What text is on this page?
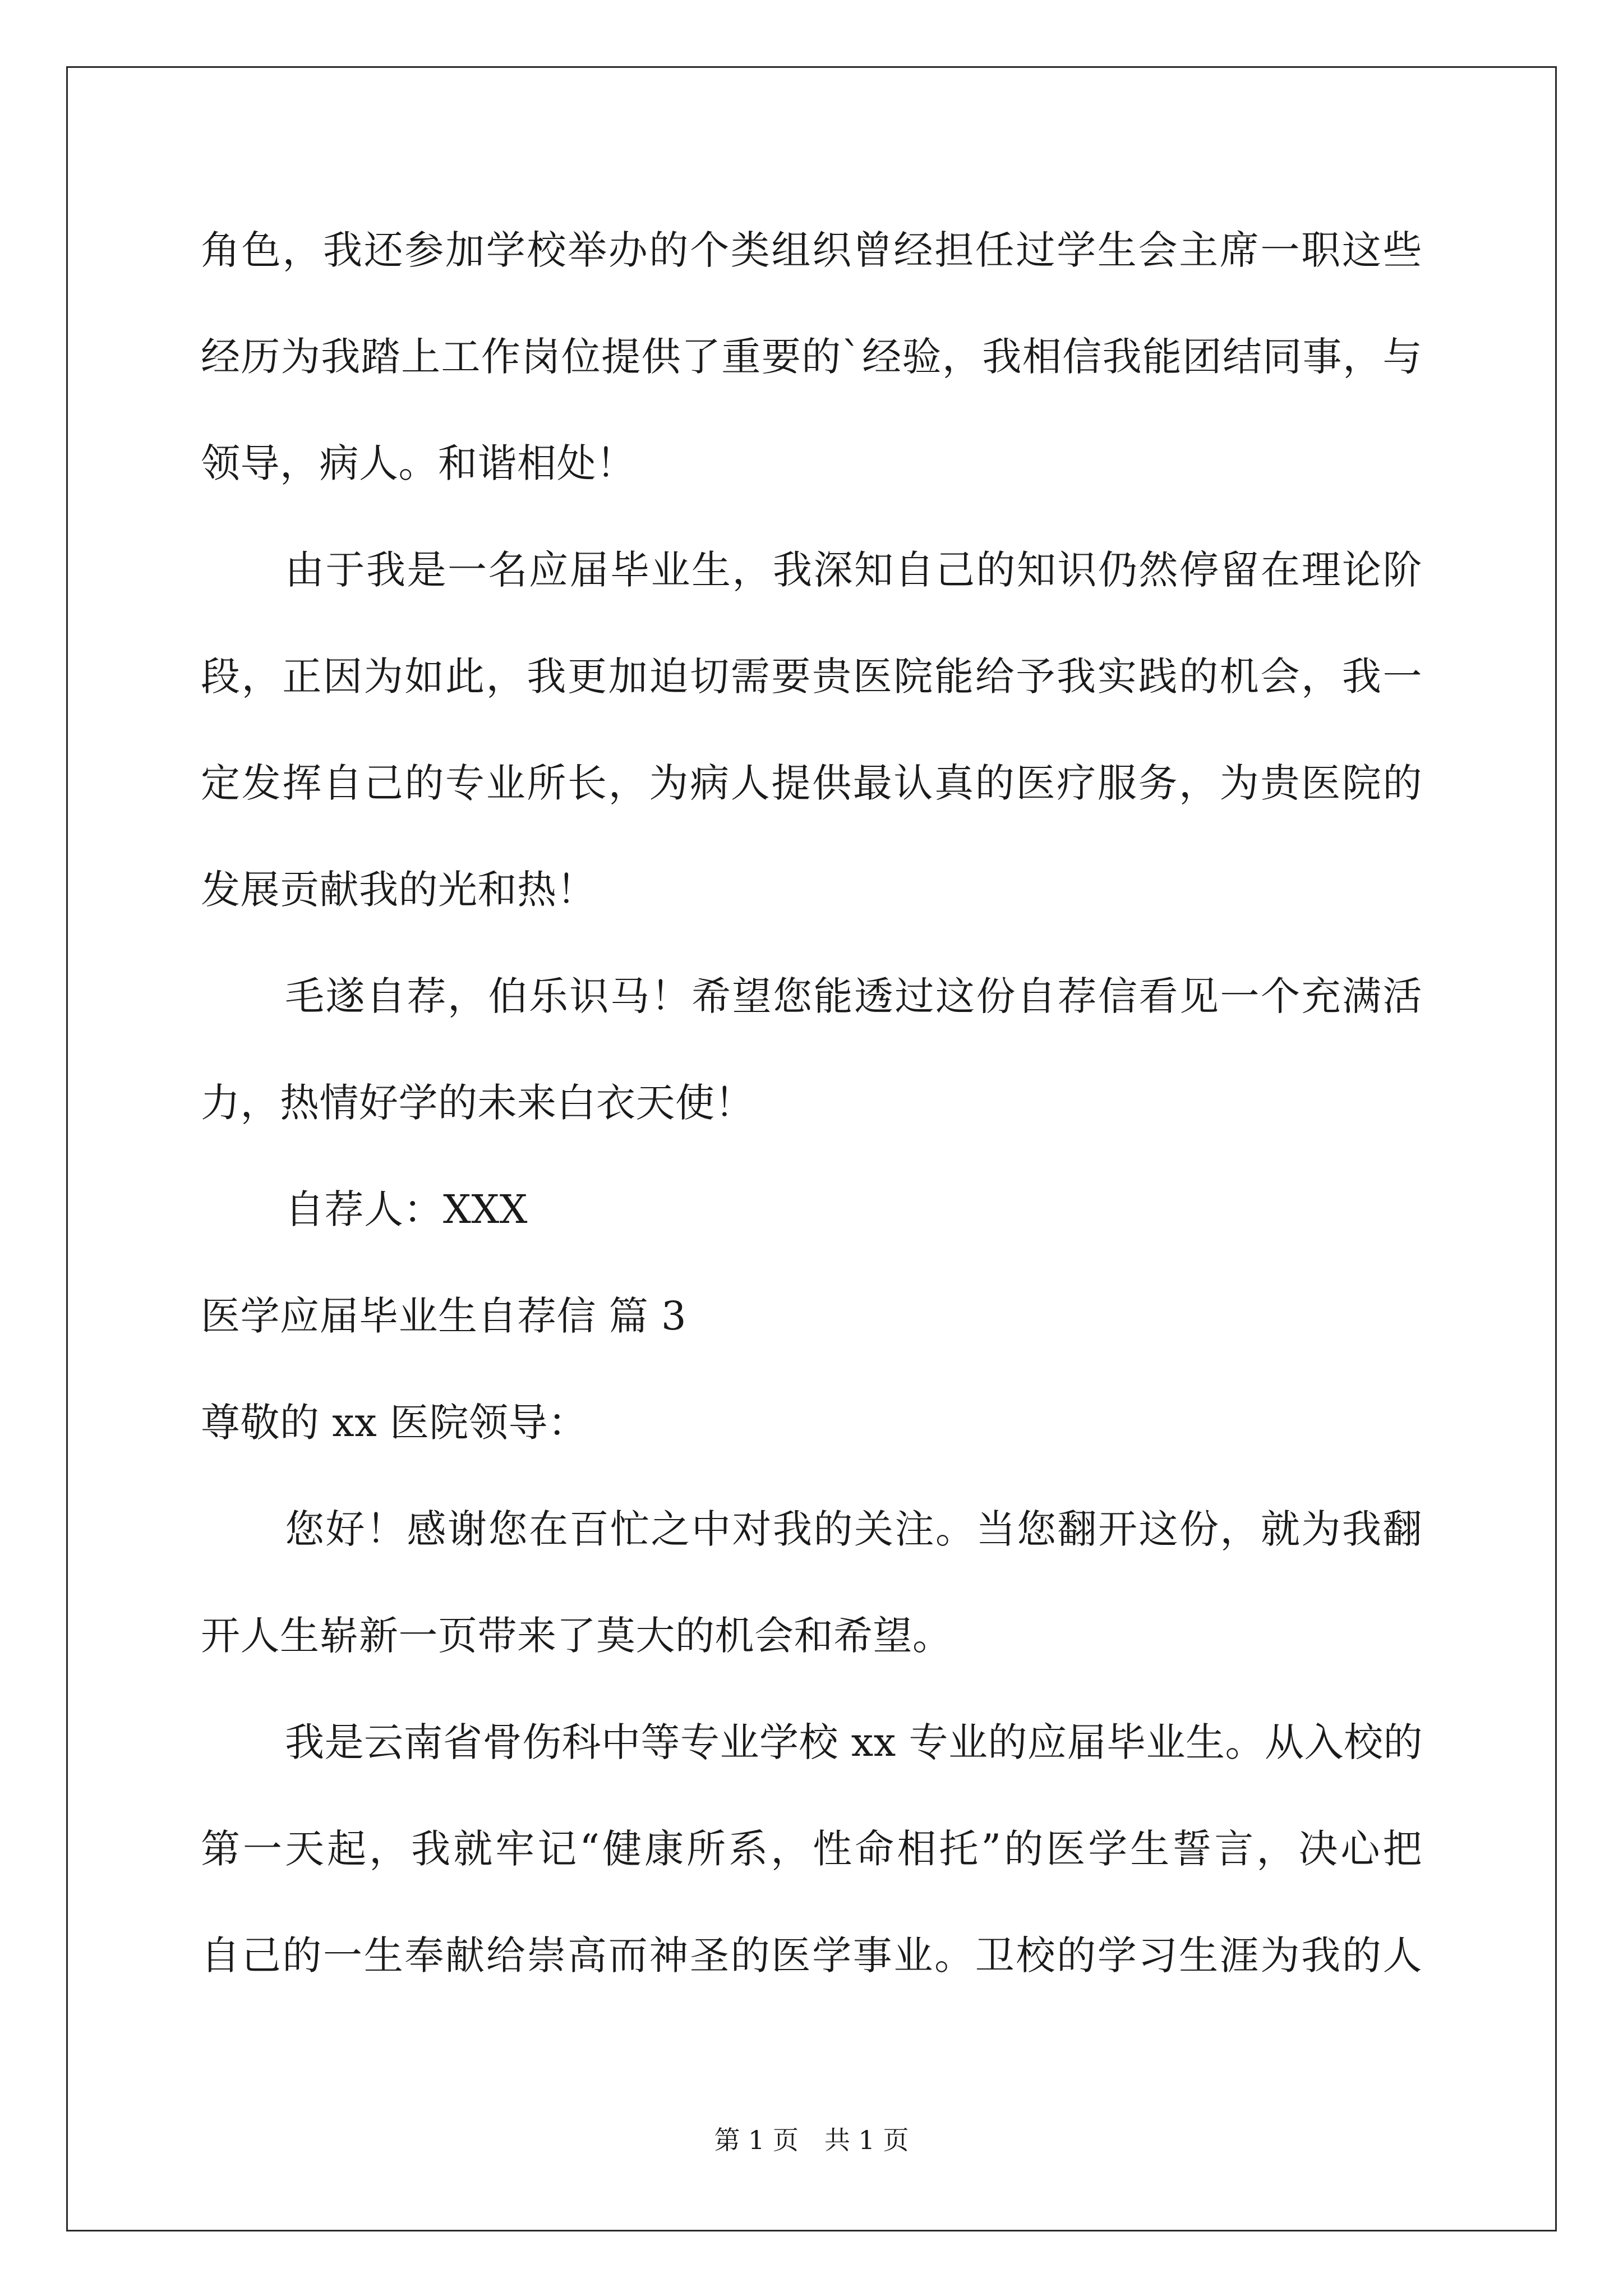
角色，我还参加学校举办的个类组织曾经担任过学生会主席一职这些
经历为我踏上工作岗位提供了重要的`经验，我相信我能团结同事，与
领导，病人。和谐相处！
由于我是一名应届毕业生，我深知自己的知识仍然停留在理论阶
段，正因为如此，我更加迫切需要贵医院能给予我实践的机会，我一
定发挥自己的专业所长，为病人提供最认真的医疗服务，为贵医院的
发展贡献我的光和热！
毛遂自荐，伯乐识马！希望您能透过这份自荐信看见一个充满活
力，热情好学的未来白衣天使！
自荐人：XXX
医学应届毕业生自荐信 篇 3
尊敬的 xx 医院领导：
您好！感谢您在百忙之中对我的关注。当您翻开这份，就为我翻
开人生崭新一页带来了莫大的机会和希望。
我是云南省骨伤科中等专业学校 xx 专业的应届毕业生。从入校的
第一天起，我就牢记“健康所系，性命相托”的医学生誓言，决心把
自己的一生奉献给崇高而神圣的医学事业。卫校的学习生涯为我的人
第 1 页　共 1 页
